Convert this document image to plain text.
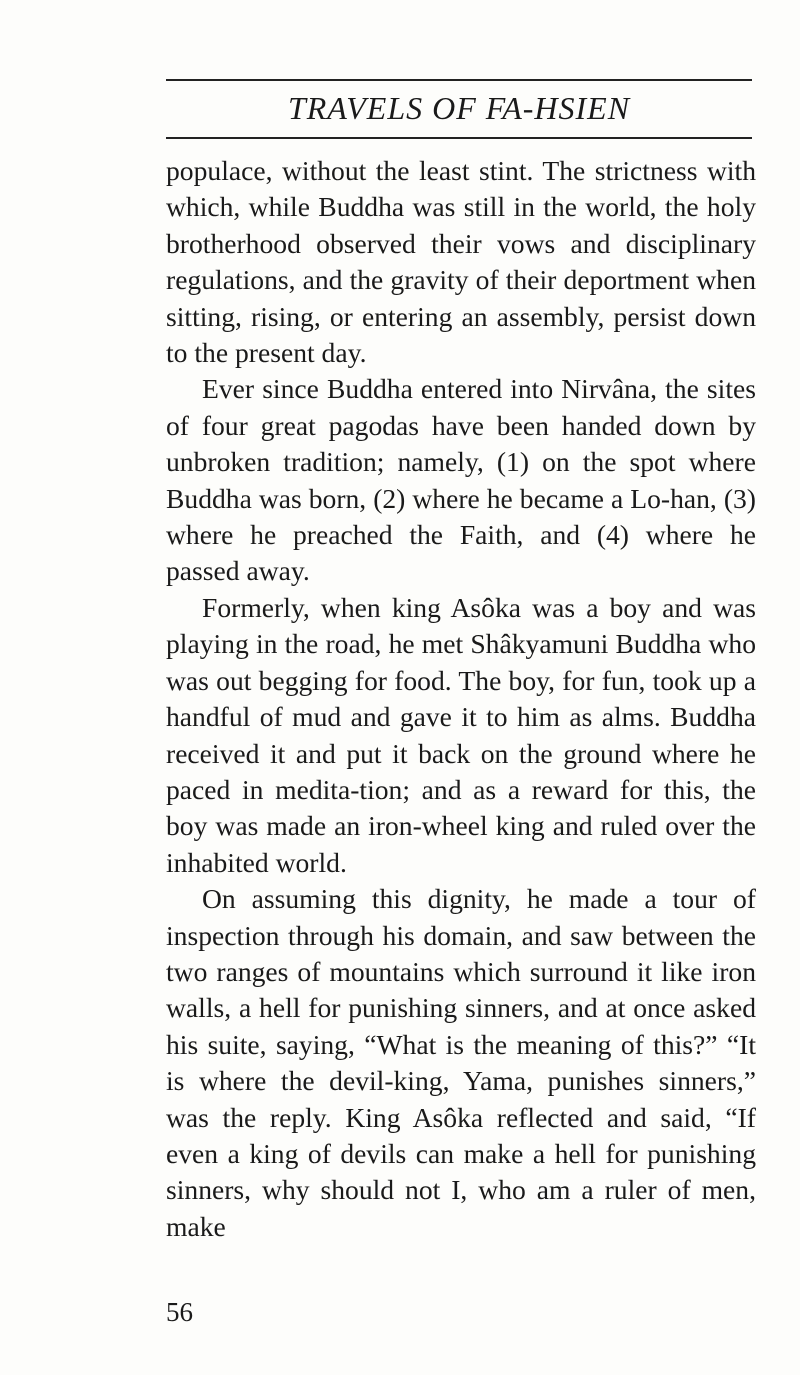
TRAVELS OF FA-HSIEN

populace, without the least stint. The strictness with which, while Buddha was still in the world, the holy brotherhood observed their vows and disciplinary regulations, and the gravity of their deportment when sitting, rising, or entering an assembly, persist down to the present day.

Ever since Buddha entered into Nirvâna, the sites of four great pagodas have been handed down by unbroken tradition; namely, (1) on the spot where Buddha was born, (2) where he became a Lo-han, (3) where he preached the Faith, and (4) where he passed away.

Formerly, when king Asôka was a boy and was playing in the road, he met Shâkyamuni Buddha who was out begging for food. The boy, for fun, took up a handful of mud and gave it to him as alms. Buddha received it and put it back on the ground where he paced in medita-tion; and as a reward for this, the boy was made an iron-wheel king and ruled over the inhabited world.

On assuming this dignity, he made a tour of inspection through his domain, and saw between the two ranges of mountains which surround it like iron walls, a hell for punishing sinners, and at once asked his suite, saying, “What is the meaning of this?” “It is where the devil-king, Yama, punishes sinners,” was the reply. King Asôka reflected and said, “If even a king of devils can make a hell for punishing sinners, why should not I, who am a ruler of men, make

56
